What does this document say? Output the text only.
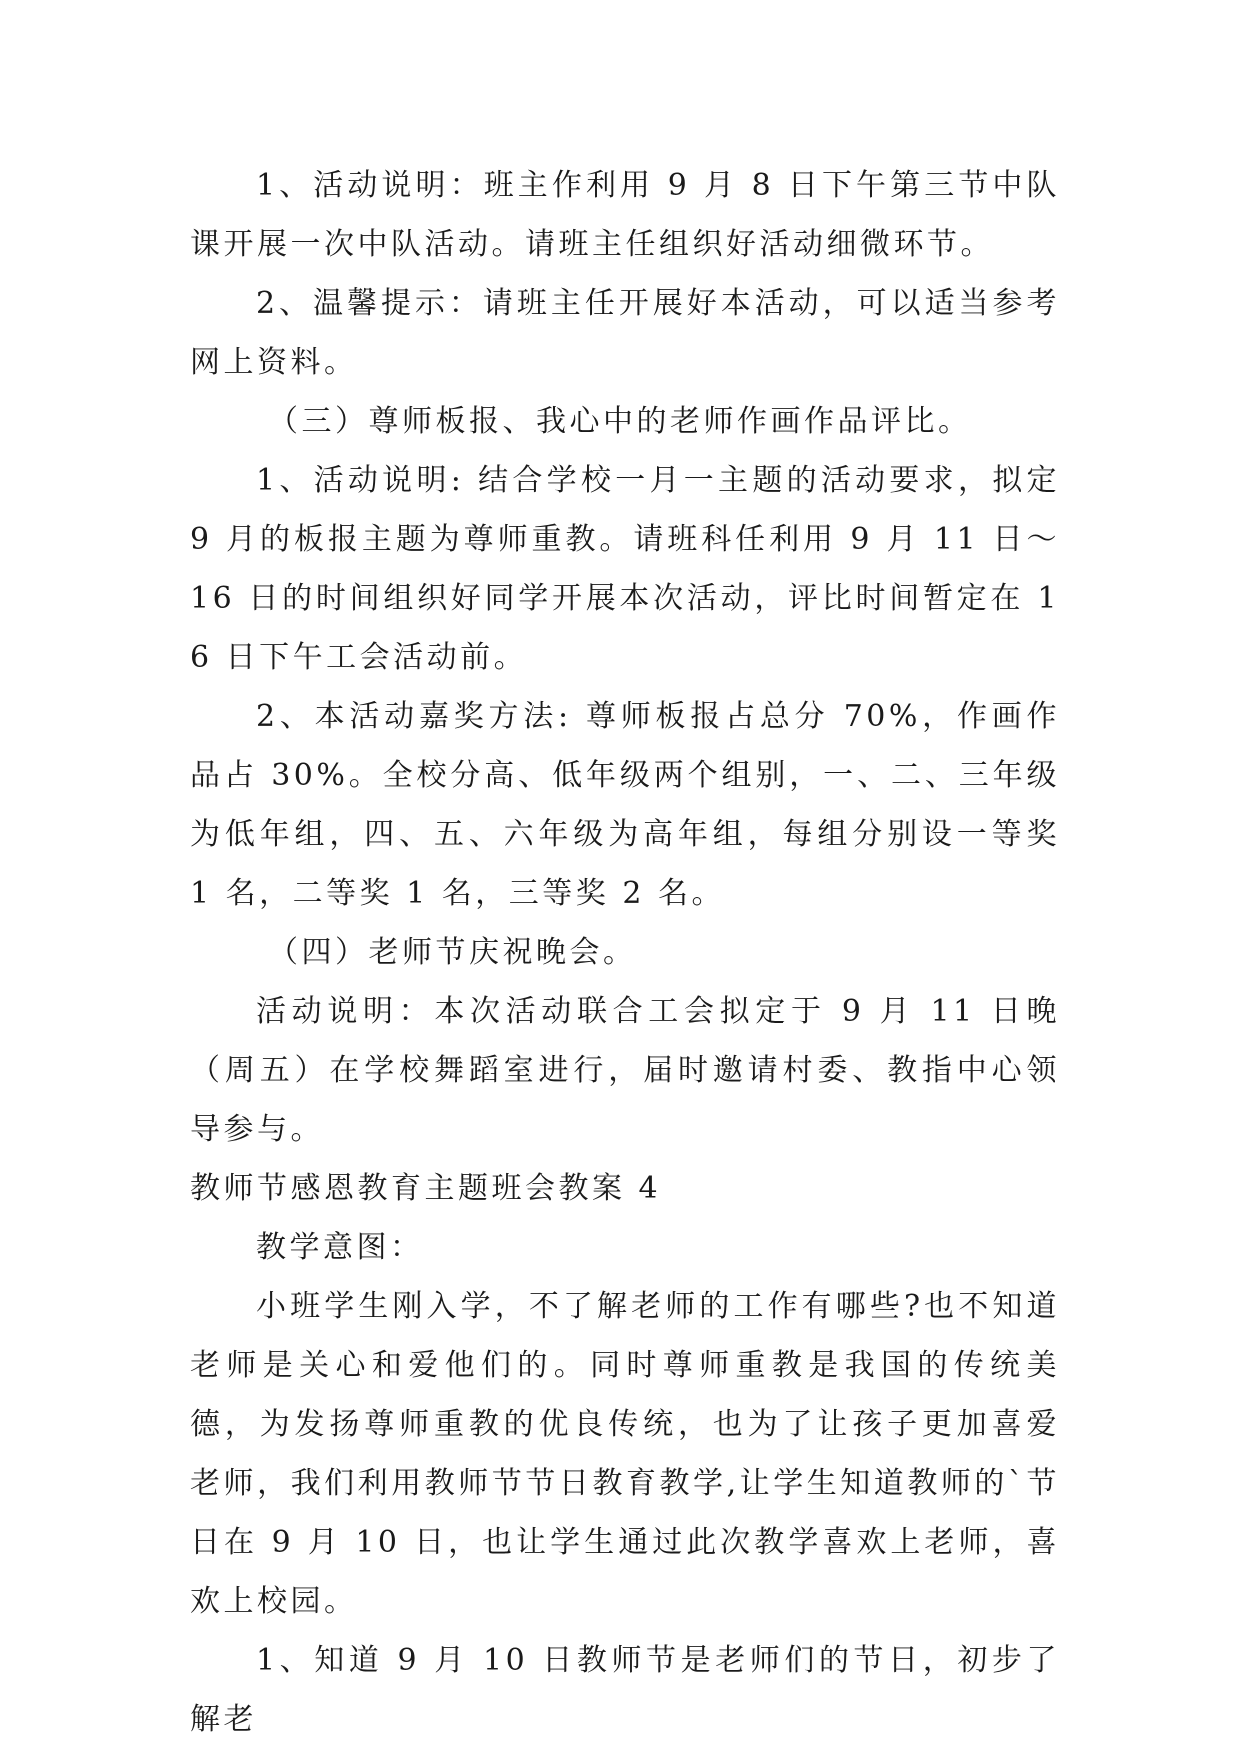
1、活动说明：班主作利用 9 月 8 日下午第三节中队课开展一次中队活动。请班主任组织好活动细微环节。

2、温馨提示：请班主任开展好本活动，可以适当参考网上资料。

（三）尊师板报、我心中的老师作画作品评比。

1、活动说明: 结合学校一月一主题的活动要求，拟定 9 月的板报主题为尊师重教。请班科任利用 9 月 11 日～16 日的时间组织好同学开展本次活动，评比时间暂定在 16 日下午工会活动前。

2、本活动嘉奖方法: 尊师板报占总分 70%，作画作品占 30%。全校分高、低年级两个组别，一、二、三年级为低年组，四、五、六年级为高年组，每组分别设一等奖 1 名，二等奖 1 名，三等奖 2 名。

（四）老师节庆祝晚会。

活动说明：本次活动联合工会拟定于 9 月 11 日晚（周五）在学校舞蹈室进行，届时邀请村委、教指中心领导参与。

教师节感恩教育主题班会教案 4

教学意图：

小班学生刚入学，不了解老师的工作有哪些?也不知道老师是关心和爱他们的。同时尊师重教是我国的传统美德，为发扬尊师重教的优良传统，也为了让孩子更加喜爱老师，我们利用教师节节日教育教学,让学生知道教师的`节日在 9 月 10 日，也让学生通过此次教学喜欢上老师，喜欢上校园。

1、知道 9 月 10 日教师节是老师们的节日，初步了解老
